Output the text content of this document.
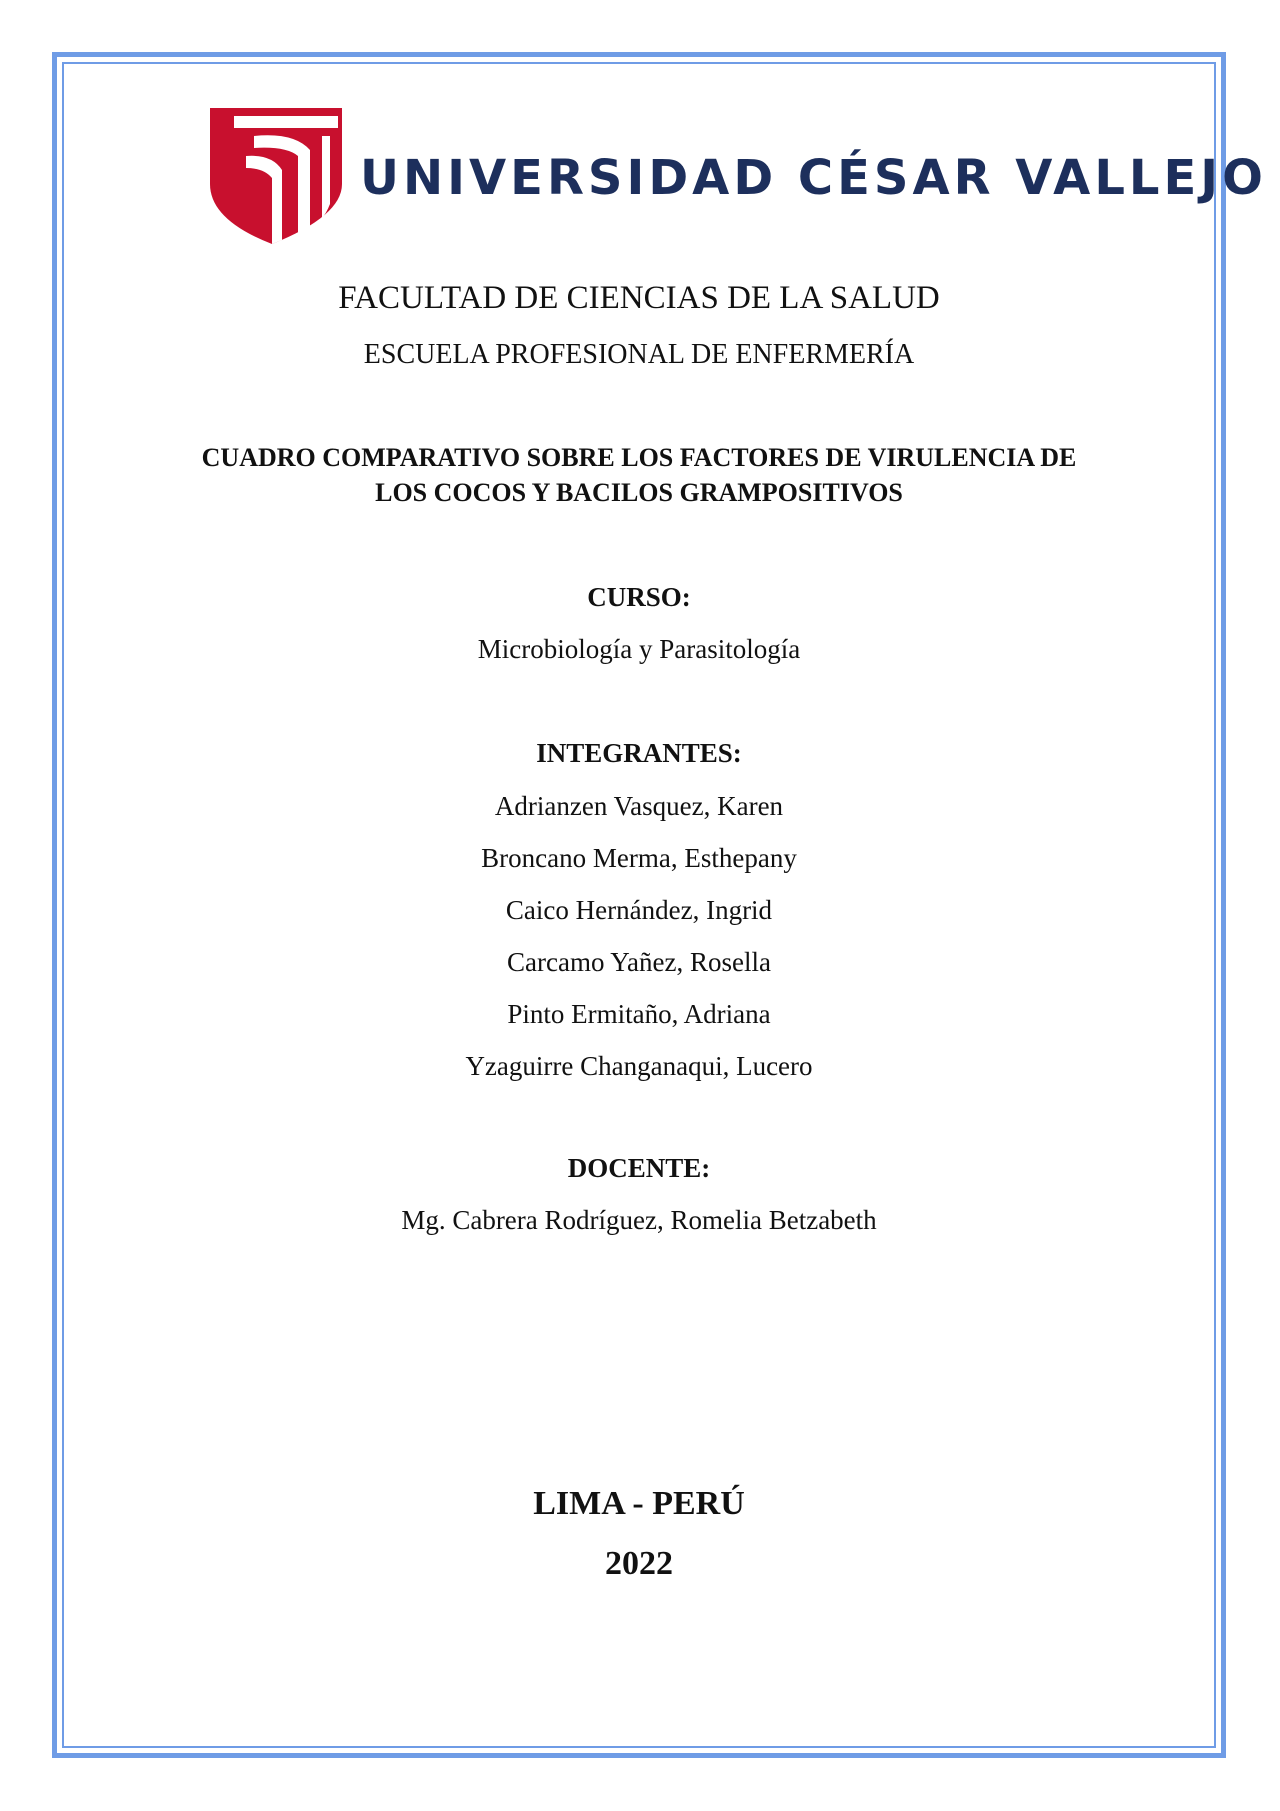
UNIVERSIDAD CÉSAR VALLEJO
FACULTAD DE CIENCIAS DE LA SALUD
ESCUELA PROFESIONAL DE ENFERMERÍA
CUADRO COMPARATIVO SOBRE LOS FACTORES DE VIRULENCIA DE
LOS COCOS Y BACILOS GRAMPOSITIVOS
CURSO:
Microbiología y Parasitología
INTEGRANTES:
Adrianzen Vasquez, Karen
Broncano Merma, Esthepany
Caico Hernández, Ingrid
Carcamo Yañez, Rosella
Pinto Ermitaño, Adriana
Yzaguirre Changanaqui, Lucero
DOCENTE:
Mg. Cabrera Rodríguez, Romelia Betzabeth
LIMA - PERÚ
2022
